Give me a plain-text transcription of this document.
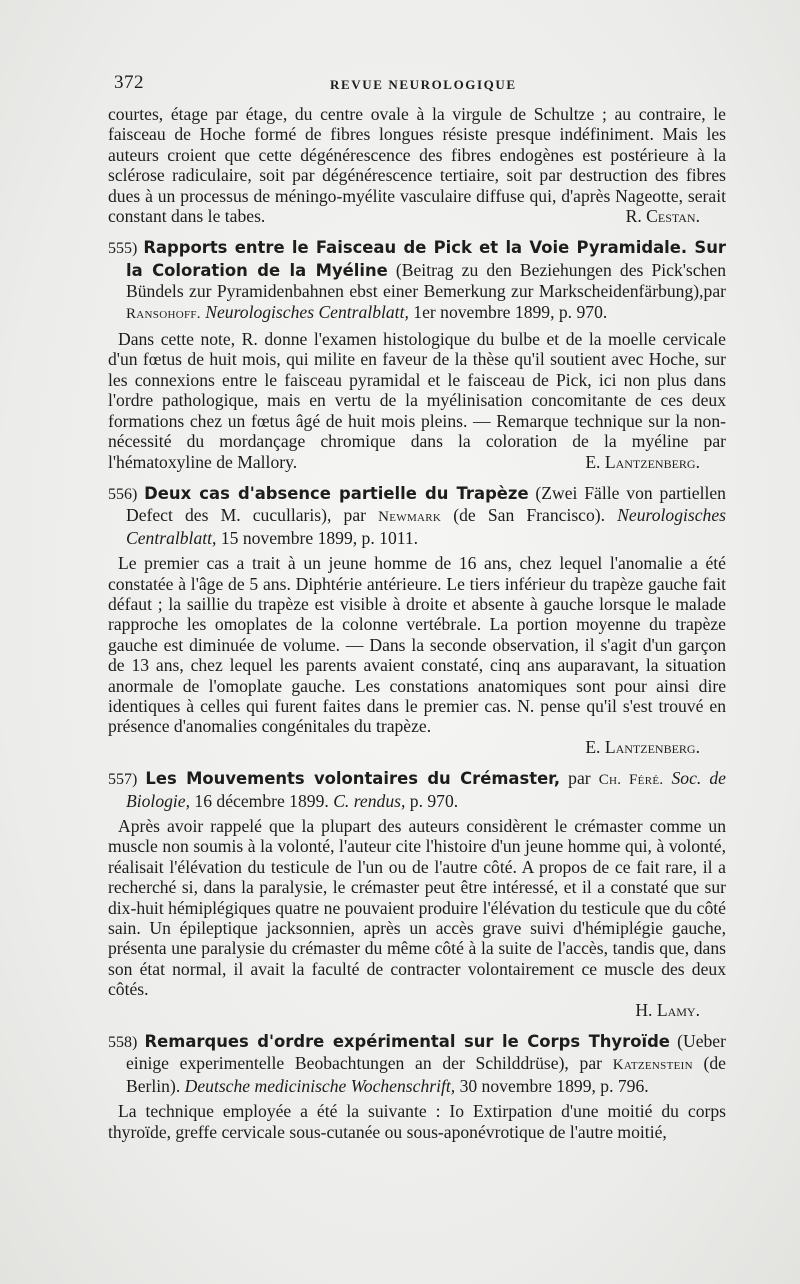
372	REVUE NEUROLOGIQUE

courtes, étage par étage, du centre ovale à la virgule de Schultze ; au contraire, le faisceau de Hoche formé de fibres longues résiste presque indéfiniment. Mais les auteurs croient que cette dégénérescence des fibres endogènes est postérieure à la sclérose radiculaire, soit par dégénérescence tertiaire, soit par destruction des fibres dues à un processus de méningo-myélite vasculaire diffuse qui, d'après Nageotte, serait constant dans le tabes.	R. Cestan.

555) Rapports entre le Faisceau de Pick et la Voie Pyramidale. Sur la Coloration de la Myéline (Beitrag zu den Beziehungen des Pick'schen Bündels zur Pyramidenbahnen ebst einer Bemerkung zur Markscheidenfärbung),par Ransohoff. Neurologisches Centralblatt, 1er novembre 1899, p. 970.

Dans cette note, R. donne l'examen histologique du bulbe et de la moelle cervicale d'un fœtus de huit mois, qui milite en faveur de la thèse qu'il soutient avec Hoche, sur les connexions entre le faisceau pyramidal et le faisceau de Pick, ici non plus dans l'ordre pathologique, mais en vertu de la myélinisation concomitante de ces deux formations chez un fœtus âgé de huit mois pleins. — Remarque technique sur la non-nécessité du mordançage chromique dans la coloration de la myéline par l'hématoxyline de Mallory.	E. Lantzenberg.

556) Deux cas d'absence partielle du Trapèze (Zwei Fälle von partiellen Defect des M. cucullaris), par Newmark (de San Francisco). Neurologisches Centralblatt, 15 novembre 1899, p. 1011.

Le premier cas a trait à un jeune homme de 16 ans, chez lequel l'anomalie a été constatée à l'âge de 5 ans. Diphtérie antérieure. Le tiers inférieur du trapèze gauche fait défaut ; la saillie du trapèze est visible à droite et absente à gauche lorsque le malade rapproche les omoplates de la colonne vertébrale. La portion moyenne du trapèze gauche est diminuée de volume. — Dans la seconde observation, il s'agit d'un garçon de 13 ans, chez lequel les parents avaient constaté, cinq ans auparavant, la situation anormale de l'omoplate gauche. Les constations anatomiques sont pour ainsi dire identiques à celles qui furent faites dans le premier cas. N. pense qu'il s'est trouvé en présence d'anomalies congénitales du trapèze.

E. Lantzenberg.

557) Les Mouvements volontaires du Crémaster, par Ch. Féré. Soc. de Biologie, 16 décembre 1899. C. rendus, p. 970.

Après avoir rappelé que la plupart des auteurs considèrent le crémaster comme un muscle non soumis à la volonté, l'auteur cite l'histoire d'un jeune homme qui, à volonté, réalisait l'élévation du testicule de l'un ou de l'autre côté. A propos de ce fait rare, il a recherché si, dans la paralysie, le crémaster peut être intéressé, et il a constaté que sur dix-huit hémiplégiques quatre ne pouvaient produire l'élévation du testicule que du côté sain. Un épileptique jacksonnien, après un accès grave suivi d'hémiplégie gauche, présenta une paralysie du crémaster du même côté à la suite de l'accès, tandis que, dans son état normal, il avait la faculté de contracter volontairement ce muscle des deux côtés.

H. Lamy.

558) Remarques d'ordre expérimental sur le Corps Thyroïde (Ueber einige experimentelle Beobachtungen an der Schilddrüse), par Katzenstein (de Berlin). Deutsche medicinische Wochenschrift, 30 novembre 1899, p. 796.

La technique employée a été la suivante : Io Extirpation d'une moitié du corps thyroïde, greffe cervicale sous-cutanée ou sous-aponévrotique de l'autre moitié,
